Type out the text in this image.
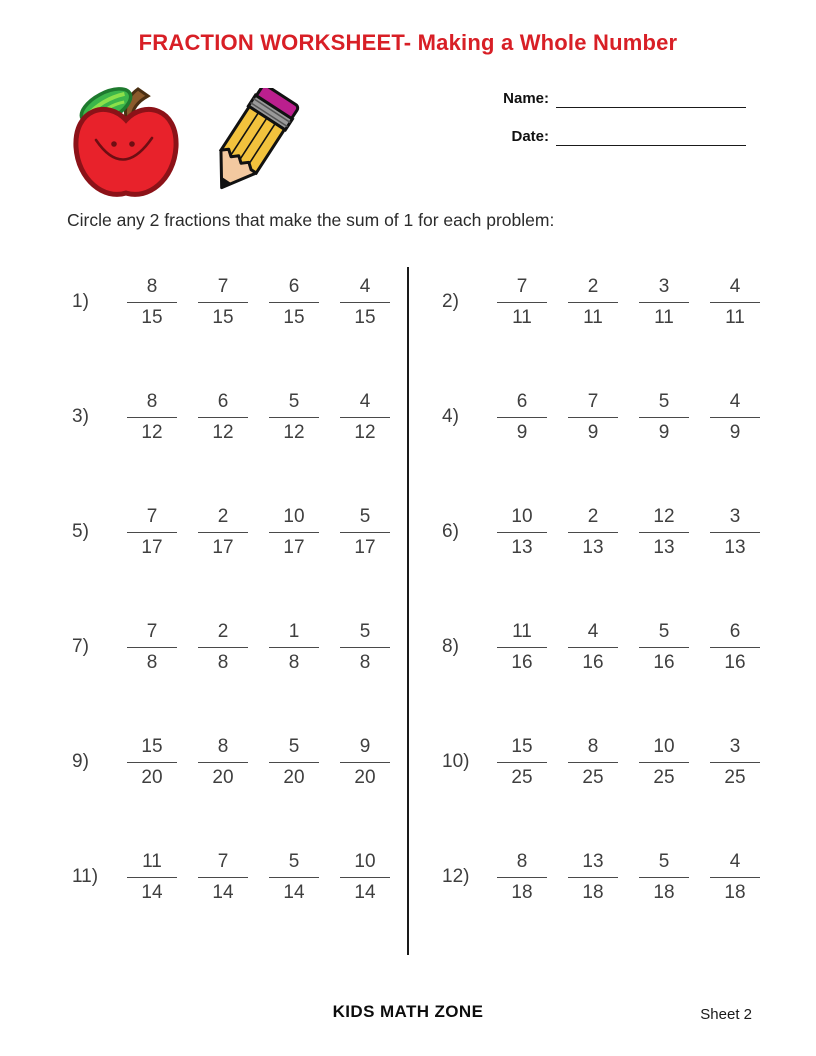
FRACTION WORKSHEET- Making a Whole Number
Name:
Date:
Circle any 2 fractions that make the sum of 1 for each problem:
1)	$\frac{8}{15} \frac{7}{15} \frac{6}{15} \frac{4}{15}$	2)	$\frac{7}{11} \frac{2}{11} \frac{3}{11} \frac{4}{11}$
3)	$\frac{8}{12} \frac{6}{12} \frac{5}{12} \frac{4}{12}$	4)	$\frac{6}{9} \frac{7}{9} \frac{5}{9} \frac{4}{9}$
5)	$\frac{7}{17} \frac{2}{17} \frac{10}{17} \frac{5}{17}$	6)	$\frac{10}{13} \frac{2}{13} \frac{12}{13} \frac{3}{13}$
7)	$\frac{7}{8} \frac{2}{8} \frac{1}{8} \frac{5}{8}$	8)	$\frac{11}{16} \frac{4}{16} \frac{5}{16} \frac{6}{16}$
9)	$\frac{15}{20} \frac{8}{20} \frac{5}{20} \frac{9}{20}$	10)	$\frac{15}{25} \frac{8}{25} \frac{10}{25} \frac{3}{25}$
11)	$\frac{11}{14} \frac{7}{14} \frac{5}{14} \frac{10}{14}$	12)	$\frac{8}{18} \frac{13}{18} \frac{5}{18} \frac{4}{18}$
KIDS MATH ZONE	Sheet 2
